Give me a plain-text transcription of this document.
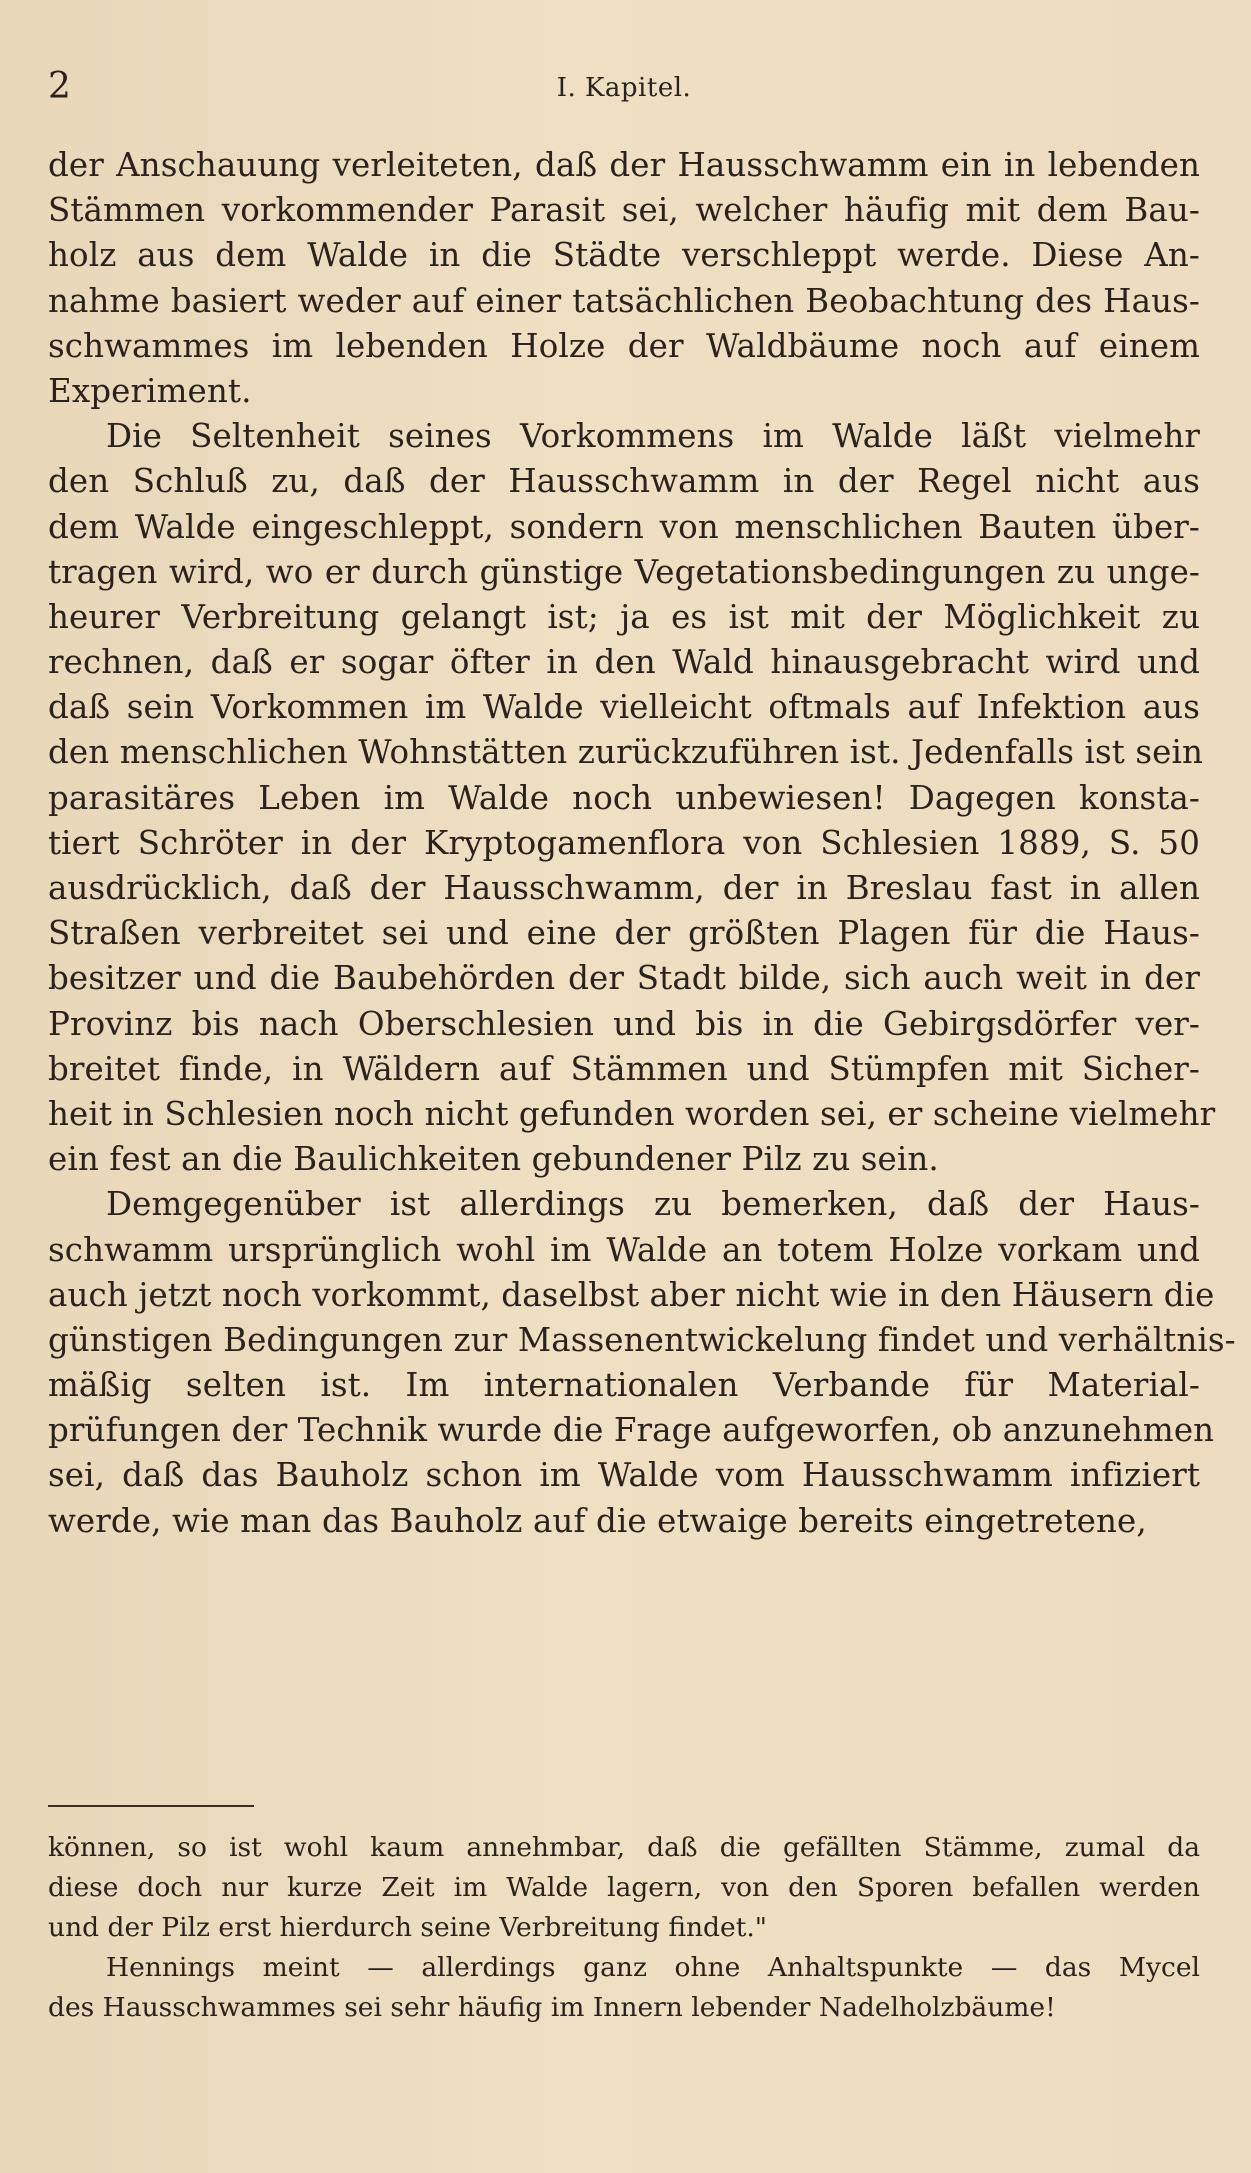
2	I. Kapitel.
der Anschauung verleiteten, daß der Hausschwamm ein in lebenden
Stämmen vorkommender Parasit sei, welcher häufig mit dem Bau-
holz aus dem Walde in die Städte verschleppt werde. Diese An-
nahme basiert weder auf einer tatsächlichen Beobachtung des Haus-
schwammes im lebenden Holze der Waldbäume noch auf einem
Experiment.
Die Seltenheit seines Vorkommens im Walde läßt vielmehr
den Schluß zu, daß der Hausschwamm in der Regel nicht aus
dem Walde eingeschleppt, sondern von menschlichen Bauten über-
tragen wird, wo er durch günstige Vegetationsbedingungen zu unge-
heurer Verbreitung gelangt ist; ja es ist mit der Möglichkeit zu
rechnen, daß er sogar öfter in den Wald hinausgebracht wird und
daß sein Vorkommen im Walde vielleicht oftmals auf Infektion aus
den menschlichen Wohnstätten zurückzuführen ist. Jedenfalls ist sein
parasitäres Leben im Walde noch unbewiesen! Dagegen konsta-
tiert Schröter in der Kryptogamenflora von Schlesien 1889, S. 50
ausdrücklich, daß der Hausschwamm, der in Breslau fast in allen
Straßen verbreitet sei und eine der größten Plagen für die Haus-
besitzer und die Baubehörden der Stadt bilde, sich auch weit in der
Provinz bis nach Oberschlesien und bis in die Gebirgsdörfer ver-
breitet finde, in Wäldern auf Stämmen und Stümpfen mit Sicher-
heit in Schlesien noch nicht gefunden worden sei, er scheine vielmehr
ein fest an die Baulichkeiten gebundener Pilz zu sein.
Demgegenüber ist allerdings zu bemerken, daß der Haus-
schwamm ursprünglich wohl im Walde an totem Holze vorkam und
auch jetzt noch vorkommt, daselbst aber nicht wie in den Häusern die
günstigen Bedingungen zur Massenentwickelung findet und verhältnis-
mäßig selten ist. Im internationalen Verbande für Material-
prüfungen der Technik wurde die Frage aufgeworfen, ob anzunehmen
sei, daß das Bauholz schon im Walde vom Hausschwamm infiziert
werde, wie man das Bauholz auf die etwaige bereits eingetretene,
können, so ist wohl kaum annehmbar, daß die gefällten Stämme, zumal da
diese doch nur kurze Zeit im Walde lagern, von den Sporen befallen werden
und der Pilz erst hierdurch seine Verbreitung findet."
Hennings meint — allerdings ganz ohne Anhaltspunkte — das Mycel
des Hausschwammes sei sehr häufig im Innern lebender Nadelholzbäume!
